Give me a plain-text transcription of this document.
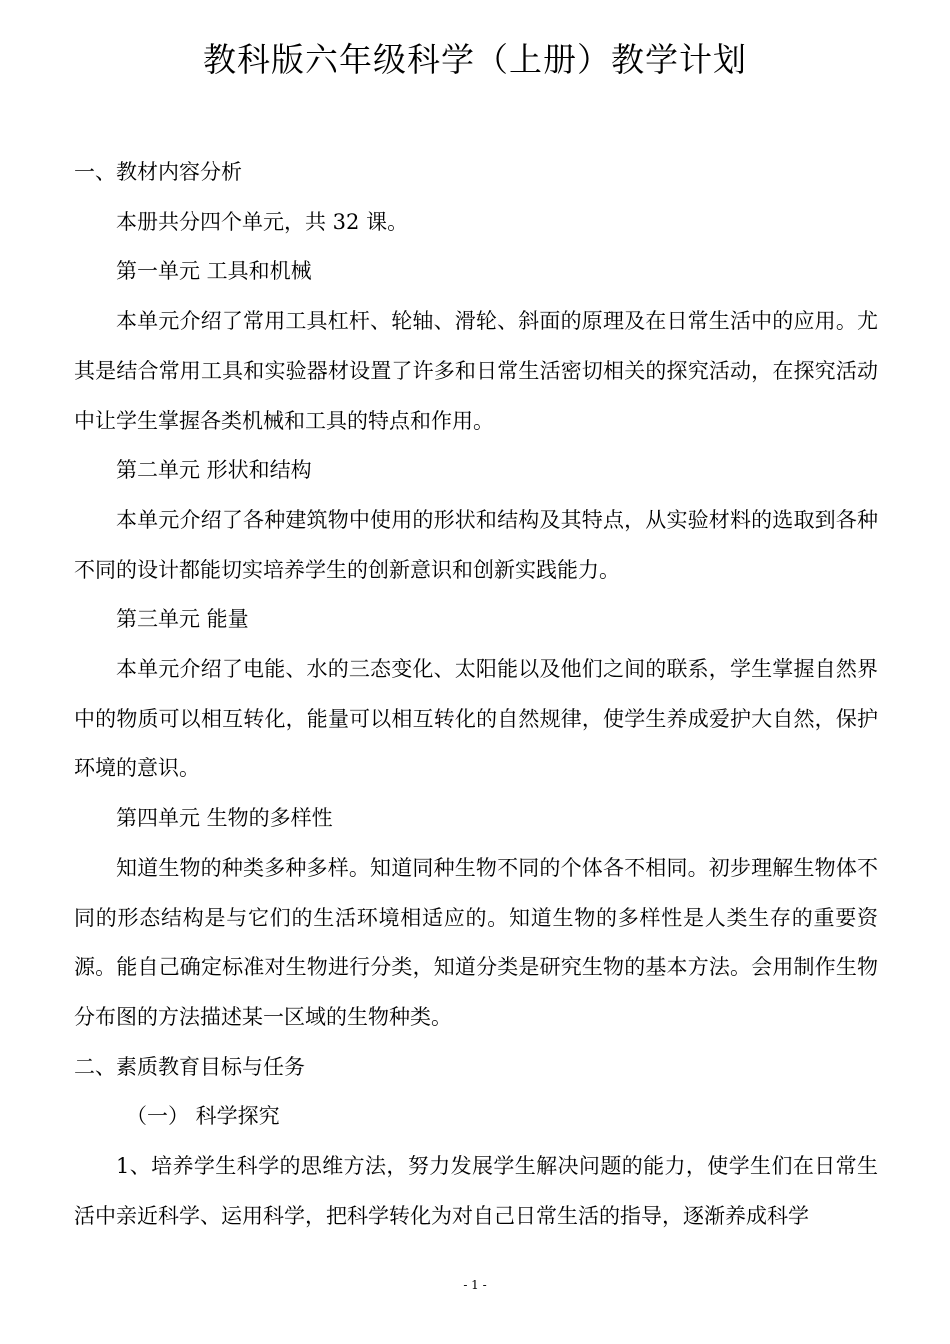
教科版六年级科学（上册）教学计划

一、教材内容分析

本册共分四个单元，共 32 课。

第一单元 工具和机械

本单元介绍了常用工具杠杆、轮轴、滑轮、斜面的原理及在日常生活中的应用。尤其是结合常用工具和实验器材设置了许多和日常生活密切相关的探究活动，在探究活动中让学生掌握各类机械和工具的特点和作用。

第二单元 形状和结构

本单元介绍了各种建筑物中使用的形状和结构及其特点，从实验材料的选取到各种不同的设计都能切实培养学生的创新意识和创新实践能力。

第三单元 能量

本单元介绍了电能、水的三态变化、太阳能以及他们之间的联系，学生掌握自然界中的物质可以相互转化，能量可以相互转化的自然规律，使学生养成爱护大自然，保护环境的意识。

第四单元 生物的多样性

知道生物的种类多种多样。知道同种生物不同的个体各不相同。初步理解生物体不同的形态结构是与它们的生活环境相适应的。知道生物的多样性是人类生存的重要资源。能自己确定标准对生物进行分类，知道分类是研究生物的基本方法。会用制作生物分布图的方法描述某一区域的生物种类。

二、素质教育目标与任务

（一） 科学探究

1、培养学生科学的思维方法，努力发展学生解决问题的能力，使学生们在日常生活中亲近科学、运用科学，把科学转化为对自己日常生活的指导，逐渐养成科学

- 1 -
